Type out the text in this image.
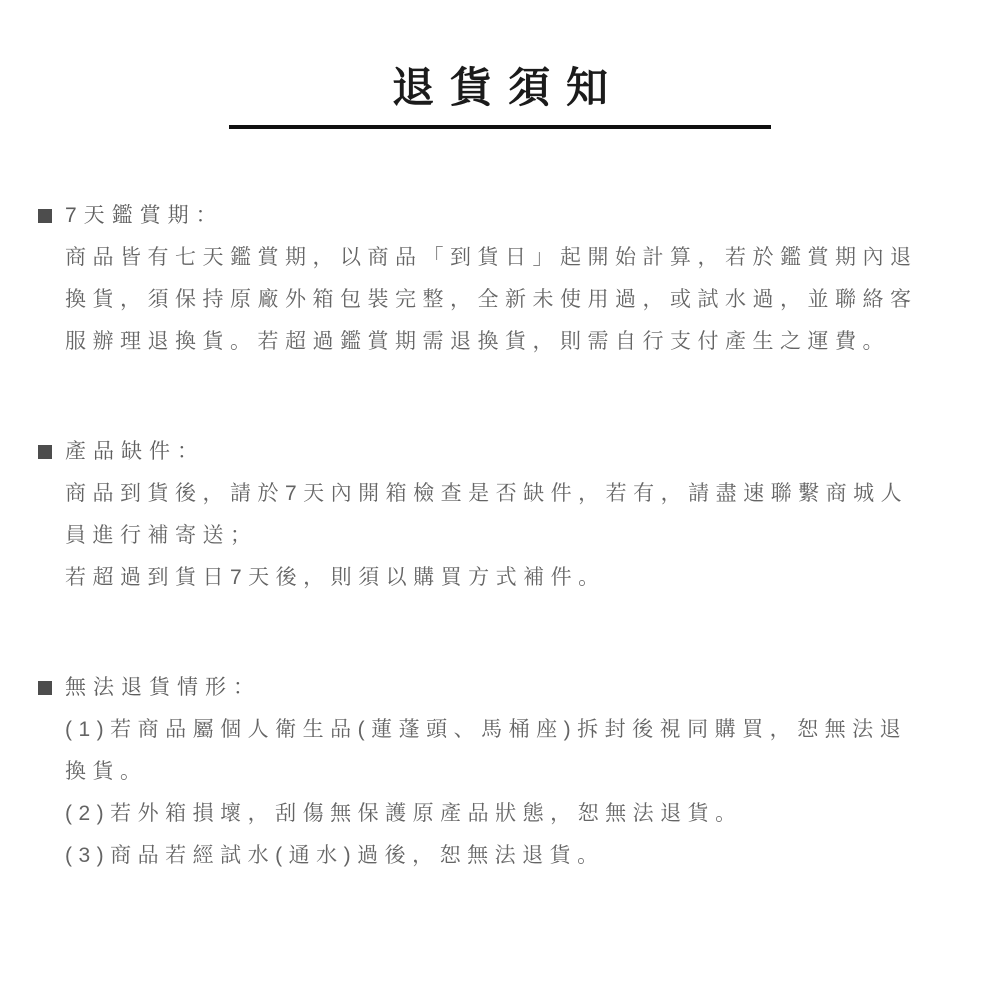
退貨須知
7天鑑賞期：
商品皆有七天鑑賞期，以商品「到貨日」起開始計算，若於鑑賞期內退
換貨，須保持原廠外箱包裝完整，全新未使用過，或試水過，並聯絡客
服辦理退換貨。若超過鑑賞期需退換貨，則需自行支付產生之運費。
產品缺件：
商品到貨後，請於7天內開箱檢查是否缺件，若有，請盡速聯繫商城人
員進行補寄送；
若超過到貨日7天後，則須以購買方式補件。
無法退貨情形：
(1)若商品屬個人衛生品(蓮蓬頭、馬桶座)拆封後視同購買，恕無法退
換貨。
(2)若外箱損壞，刮傷無保護原產品狀態，恕無法退貨。
(3)商品若經試水(通水)過後，恕無法退貨。
